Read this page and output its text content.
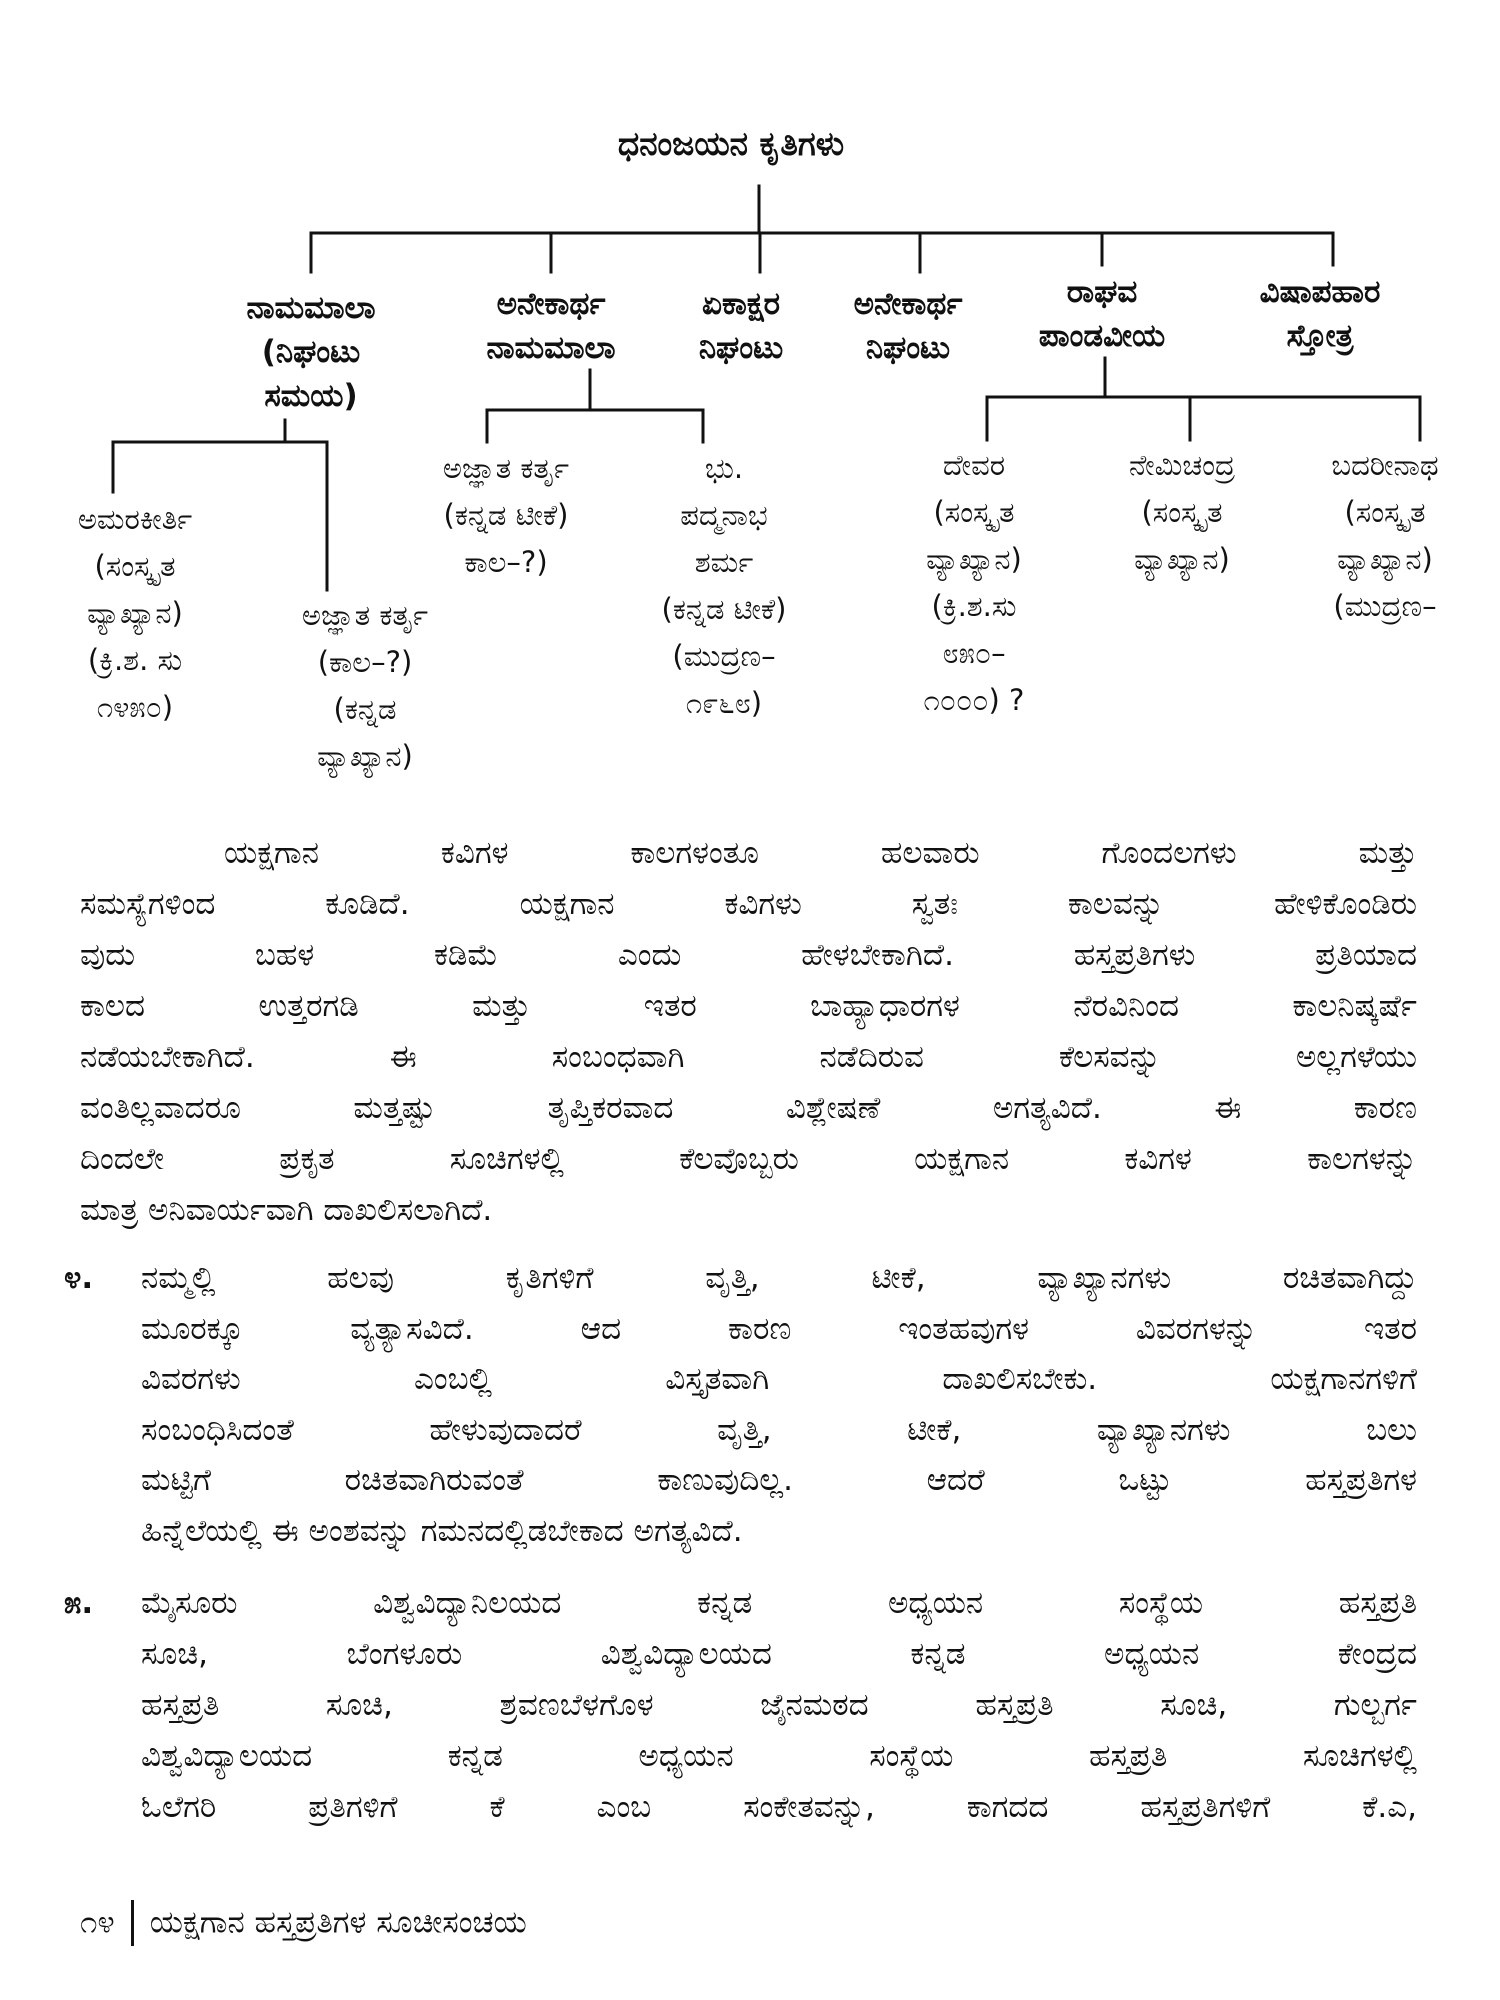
ಧನಂಜಯನ ಕೃತಿಗಳು
ನಾಮಮಾಲಾ
(ನಿಘಂಟು
ಸಮಯ)
ಅನೇಕಾರ್ಥ
ನಾಮಮಾಲಾ
ಏಕಾಕ್ಷರ
ನಿಘಂಟು
ಅನೇಕಾರ್ಥ
ನಿಘಂಟು
ರಾಘವ
ಪಾಂಡವೀಯ
ವಿಷಾಪಹಾರ
ಸ್ತೋತ್ರ
ಅಮರಕೀರ್ತಿ
(ಸಂಸ್ಕೃತ
ವ್ಯಾಖ್ಯಾನ)
(ಕ್ರಿ.ಶ. ಸು
೧೪೫೦)
ಅಜ್ಞಾತ ಕರ್ತೃ
(ಕಾಲ–?)
(ಕನ್ನಡ
ವ್ಯಾಖ್ಯಾನ)
ಅಜ್ಞಾತ ಕರ್ತೃ
(ಕನ್ನಡ ಟೀಕೆ)
ಕಾಲ–?)
ಭು.
ಪದ್ಮನಾಭ
ಶರ್ಮ
(ಕನ್ನಡ ಟೀಕೆ)
(ಮುದ್ರಣ–
೧೯೬೮)
ದೇವರ
(ಸಂಸ್ಕೃತ
ವ್ಯಾಖ್ಯಾನ)
(ಕ್ರಿ.ಶ.ಸು
೮೫೦–
೧೦೦೦) ?
ನೇಮಿಚಂದ್ರ
(ಸಂಸ್ಕೃತ
ವ್ಯಾಖ್ಯಾನ)
ಬದರೀನಾಥ
(ಸಂಸ್ಕೃತ
ವ್ಯಾಖ್ಯಾನ)
(ಮುದ್ರಣ–
ಯಕ್ಷಗಾನ ಕವಿಗಳ ಕಾಲಗಳಂತೂ ಹಲವಾರು ಗೊಂದಲಗಳು ಮತ್ತು
ಸಮಸ್ಯೆಗಳಿಂದ ಕೂಡಿದೆ. ಯಕ್ಷಗಾನ ಕವಿಗಳು ಸ್ವತಃ ಕಾಲವನ್ನು ಹೇಳಿಕೊಂಡಿರು
ವುದು ಬಹಳ ಕಡಿಮೆ ಎಂದು ಹೇಳಬೇಕಾಗಿದೆ. ಹಸ್ತಪ್ರತಿಗಳು ಪ್ರತಿಯಾದ
ಕಾಲದ ಉತ್ತರಗಡಿ ಮತ್ತು ಇತರ ಬಾಹ್ಯಾಧಾರಗಳ ನೆರವಿನಿಂದ ಕಾಲನಿಷ್ಕರ್ಷೆ
ನಡೆಯಬೇಕಾಗಿದೆ. ಈ ಸಂಬಂಧವಾಗಿ ನಡೆದಿರುವ ಕೆಲಸವನ್ನು ಅಲ್ಲಗಳೆಯು
ವಂತಿಲ್ಲವಾದರೂ ಮತ್ತಷ್ಟು ತೃಪ್ತಿಕರವಾದ ವಿಶ್ಲೇಷಣೆ ಅಗತ್ಯವಿದೆ. ಈ ಕಾರಣ
ದಿಂದಲೇ ಪ್ರಕೃತ ಸೂಚಿಗಳಲ್ಲಿ ಕೆಲವೊಬ್ಬರು ಯಕ್ಷಗಾನ ಕವಿಗಳ ಕಾಲಗಳನ್ನು
ಮಾತ್ರ ಅನಿವಾರ್ಯವಾಗಿ ದಾಖಲಿಸಲಾಗಿದೆ.
೪. ನಮ್ಮಲ್ಲಿ ಹಲವು ಕೃತಿಗಳಿಗೆ ವೃತ್ತಿ, ಟೀಕೆ, ವ್ಯಾಖ್ಯಾನಗಳು ರಚಿತವಾಗಿದ್ದು
ಮೂರಕ್ಕೂ ವ್ಯತ್ಯಾಸವಿದೆ. ಆದ ಕಾರಣ ಇಂತಹವುಗಳ ವಿವರಗಳನ್ನು ಇತರ
ವಿವರಗಳು ಎಂಬಲ್ಲಿ ವಿಸ್ತೃತವಾಗಿ ದಾಖಲಿಸಬೇಕು. ಯಕ್ಷಗಾನಗಳಿಗೆ
ಸಂಬಂಧಿಸಿದಂತೆ ಹೇಳುವುದಾದರೆ ವೃತ್ತಿ, ಟೀಕೆ, ವ್ಯಾಖ್ಯಾನಗಳು ಬಲು
ಮಟ್ಟಿಗೆ ರಚಿತವಾಗಿರುವಂತೆ ಕಾಣುವುದಿಲ್ಲ. ಆದರೆ ಒಟ್ಟು ಹಸ್ತಪ್ರತಿಗಳ
ಹಿನ್ನೆಲೆಯಲ್ಲಿ ಈ ಅಂಶವನ್ನು ಗಮನದಲ್ಲಿಡಬೇಕಾದ ಅಗತ್ಯವಿದೆ.
೫. ಮೈಸೂರು ವಿಶ್ವವಿದ್ಯಾನಿಲಯದ ಕನ್ನಡ ಅಧ್ಯಯನ ಸಂಸ್ಥೆಯ ಹಸ್ತಪ್ರತಿ
ಸೂಚಿ, ಬೆಂಗಳೂರು ವಿಶ್ವವಿದ್ಯಾಲಯದ ಕನ್ನಡ ಅಧ್ಯಯನ ಕೇಂದ್ರದ
ಹಸ್ತಪ್ರತಿ ಸೂಚಿ, ಶ್ರವಣಬೆಳಗೊಳ ಜೈನಮಠದ ಹಸ್ತಪ್ರತಿ ಸೂಚಿ, ಗುಲ್ಬರ್ಗ
ವಿಶ್ವವಿದ್ಯಾಲಯದ ಕನ್ನಡ ಅಧ್ಯಯನ ಸಂಸ್ಥೆಯ ಹಸ್ತಪ್ರತಿ ಸೂಚಿಗಳಲ್ಲಿ
ಓಲೆಗರಿ ಪ್ರತಿಗಳಿಗೆ ಕೆ ಎಂಬ ಸಂಕೇತವನ್ನು, ಕಾಗದದ ಹಸ್ತಪ್ರತಿಗಳಿಗೆ ಕೆ.ಎ,
೧೪ ಯಕ್ಷಗಾನ ಹಸ್ತಪ್ರತಿಗಳ ಸೂಚೀಸಂಚಯ
